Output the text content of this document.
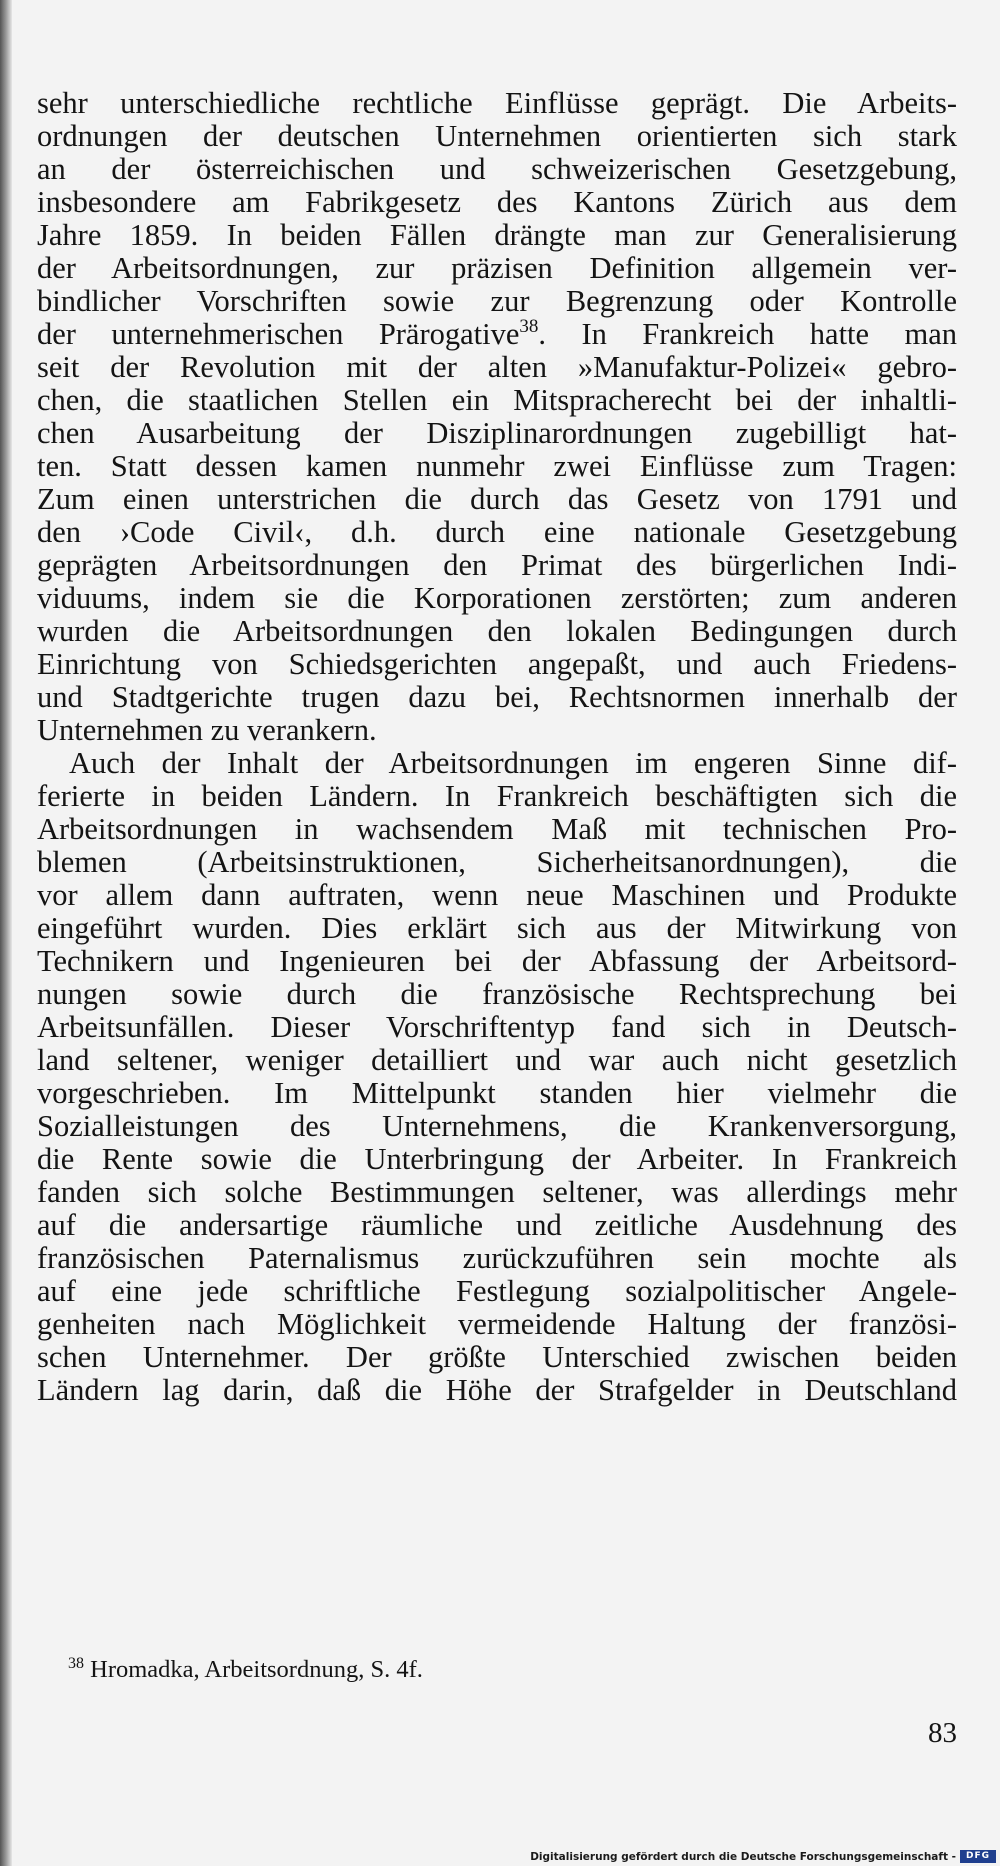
sehr unterschiedliche rechtliche Einflüsse geprägt. Die Arbeits-
ordnungen der deutschen Unternehmen orientierten sich stark
an der österreichischen und schweizerischen Gesetzgebung,
insbesondere am Fabrikgesetz des Kantons Zürich aus dem
Jahre 1859. In beiden Fällen drängte man zur Generalisierung
der Arbeitsordnungen, zur präzisen Definition allgemein ver-
bindlicher Vorschriften sowie zur Begrenzung oder Kontrolle
der unternehmerischen Prärogative$^{38}$. In Frankreich hatte man
seit der Revolution mit der alten »Manufaktur-Polizei« gebro-
chen, die staatlichen Stellen ein Mitspracherecht bei der inhaltli-
chen Ausarbeitung der Disziplinarordnungen zugebilligt hat-
ten. Statt dessen kamen nunmehr zwei Einflüsse zum Tragen:
Zum einen unterstrichen die durch das Gesetz von 1791 und
den ›Code Civil‹, d.h. durch eine nationale Gesetzgebung
geprägten Arbeitsordnungen den Primat des bürgerlichen Indi-
viduums, indem sie die Korporationen zerstörten; zum anderen
wurden die Arbeitsordnungen den lokalen Bedingungen durch
Einrichtung von Schiedsgerichten angepaßt, und auch Friedens-
und Stadtgerichte trugen dazu bei, Rechtsnormen innerhalb der
Unternehmen zu verankern.
Auch der Inhalt der Arbeitsordnungen im engeren Sinne dif-
ferierte in beiden Ländern. In Frankreich beschäftigten sich die
Arbeitsordnungen in wachsendem Maß mit technischen Pro-
blemen (Arbeitsinstruktionen, Sicherheitsanordnungen), die
vor allem dann auftraten, wenn neue Maschinen und Produkte
eingeführt wurden. Dies erklärt sich aus der Mitwirkung von
Technikern und Ingenieuren bei der Abfassung der Arbeitsord-
nungen sowie durch die französische Rechtsprechung bei
Arbeitsunfällen. Dieser Vorschriftentyp fand sich in Deutsch-
land seltener, weniger detailliert und war auch nicht gesetzlich
vorgeschrieben. Im Mittelpunkt standen hier vielmehr die
Sozialleistungen des Unternehmens, die Krankenversorgung,
die Rente sowie die Unterbringung der Arbeiter. In Frankreich
fanden sich solche Bestimmungen seltener, was allerdings mehr
auf die andersartige räumliche und zeitliche Ausdehnung des
französischen Paternalismus zurückzuführen sein mochte als
auf eine jede schriftliche Festlegung sozialpolitischer Angele-
genheiten nach Möglichkeit vermeidende Haltung der französi-
schen Unternehmer. Der größte Unterschied zwischen beiden
Ländern lag darin, daß die Höhe der Strafgelder in Deutschland
$^{38}$ Hromadka, Arbeitsordnung, S. 4f.
83
Digitalisierung gefördert durch die Deutsche Forschungsgemeinschaft -	DFG
